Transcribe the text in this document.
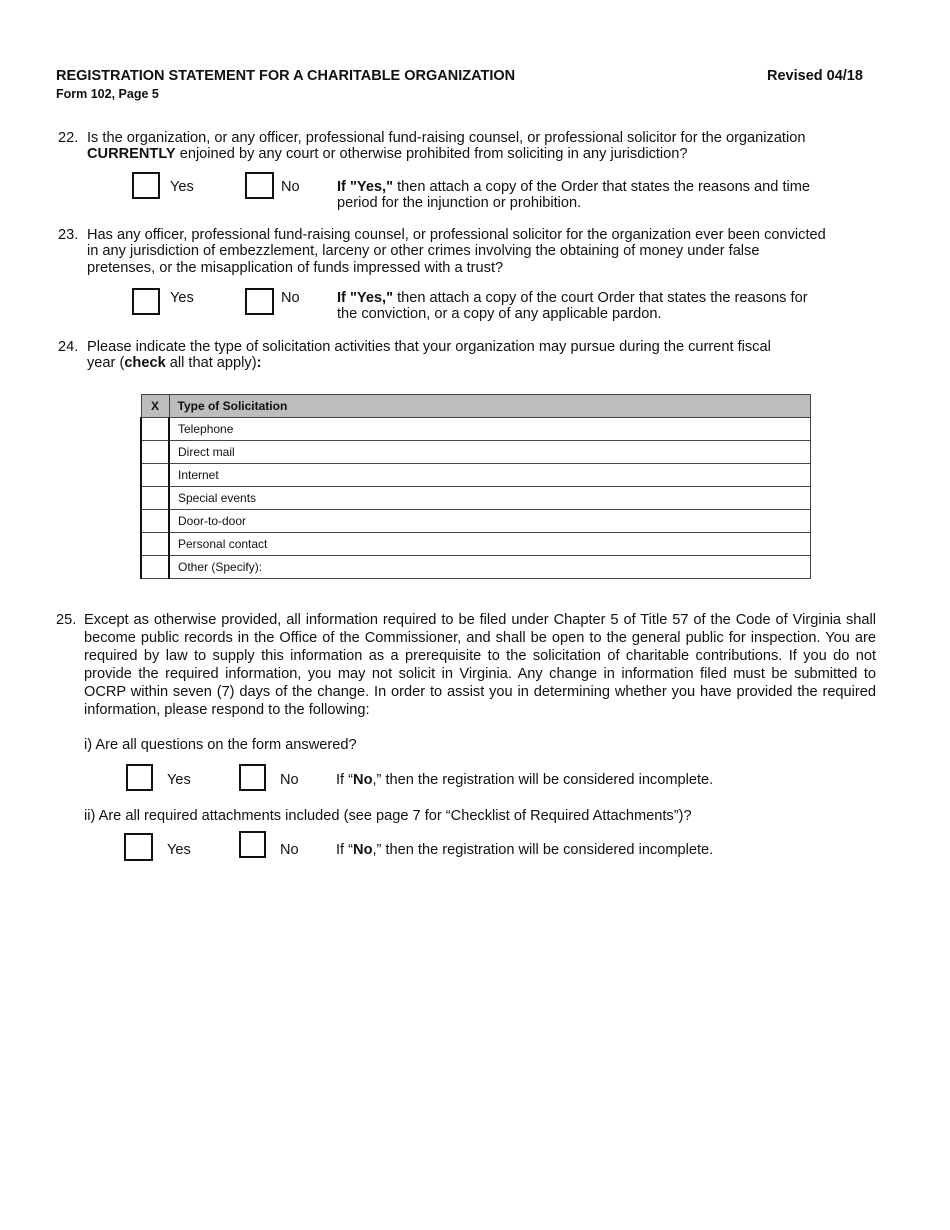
REGISTRATION STATEMENT FOR A CHARITABLE ORGANIZATION
Form 102, Page 5
Revised 04/18
22. Is the organization, or any officer, professional fund-raising counsel, or professional solicitor for the organization
CURRENTLY enjoined by any court or otherwise prohibited from soliciting in any jurisdiction?
Yes	No	If "Yes," then attach a copy of the Order that states the reasons and time
period for the injunction or prohibition.
23. Has any officer, professional fund-raising counsel, or professional solicitor for the organization ever been convicted
in any jurisdiction of embezzlement, larceny or other crimes involving the obtaining of money under false
pretenses, or the misapplication of funds impressed with a trust?
Yes	No	If "Yes," then attach a copy of the court Order that states the reasons for
the conviction, or a copy of any applicable pardon.
24. Please indicate the type of solicitation activities that your organization may pursue during the current fiscal
year (check all that apply):
X	Type of Solicitation
	Telephone
	Direct mail
	Internet
	Special events
	Door-to-door
	Personal contact
	Other (Specify):
25. Except as otherwise provided, all information required to be filed under Chapter 5 of Title 57 of the Code of Virginia shall become public records in the Office of the Commissioner, and shall be open to the general public for inspection. You are required by law to supply this information as a prerequisite to the solicitation of charitable contributions. If you do not provide the required information, you may not solicit in Virginia. Any change in information filed must be submitted to OCRP within seven (7) days of the change. In order to assist you in determining whether you have provided the required information, please respond to the following:
i) Are all questions on the form answered?
Yes	No	If “No,” then the registration will be considered incomplete.
ii) Are all required attachments included (see page 7 for “Checklist of Required Attachments”)?
Yes	No	If “No,” then the registration will be considered incomplete.
